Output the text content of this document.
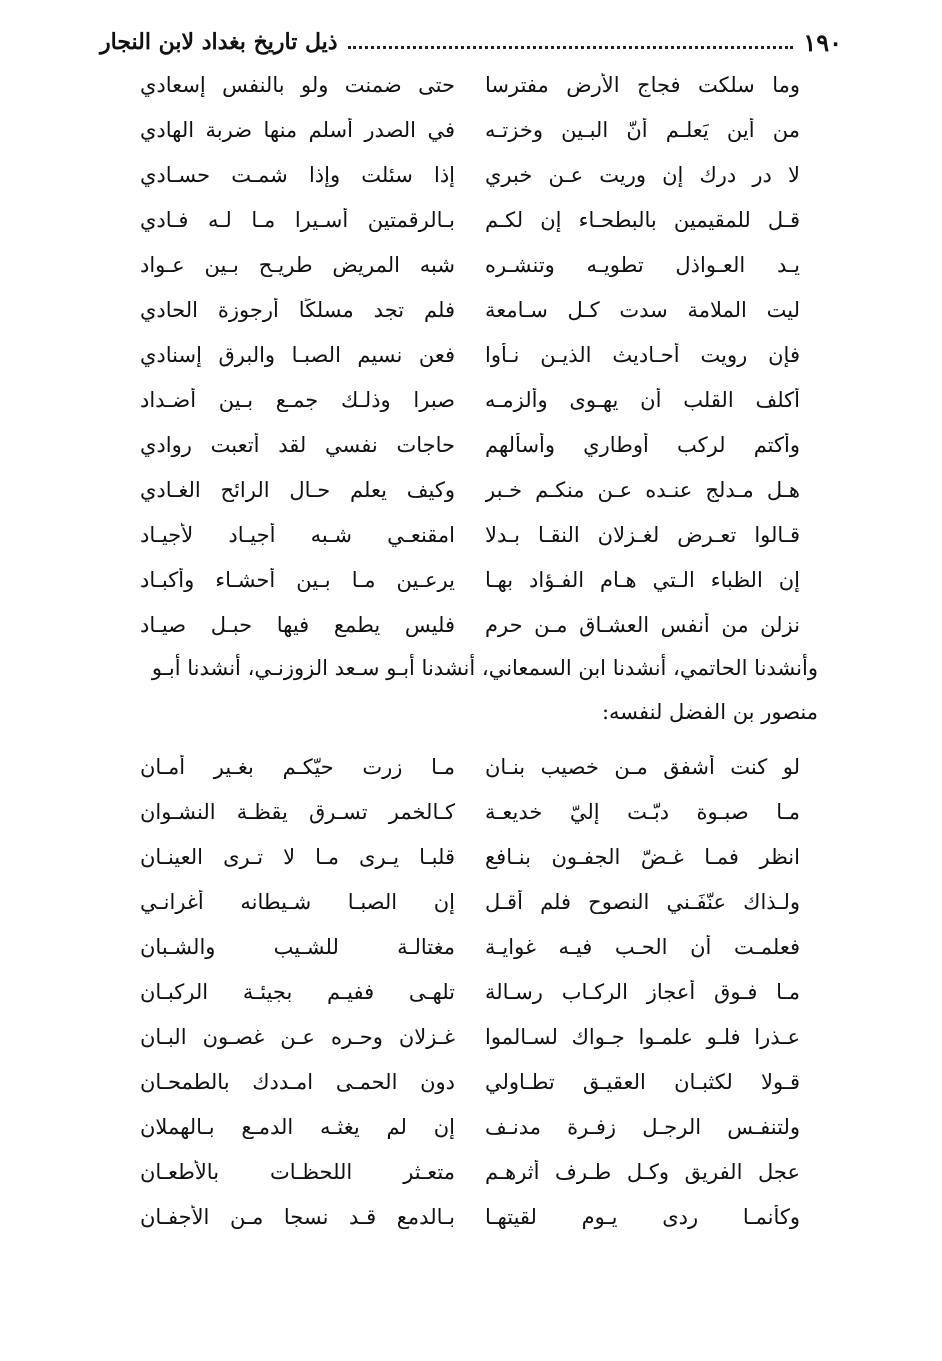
١٩٠
ذيل تاريخ بغداد لابن النجار
وما سلكت فجاج الأرض مفترسا
حتى ضمنت ولو بالنفس إسعادي
من أين يَعلـم أنّ البـين وخزتـه
في الصدر أسلم منها ضربة الهادي
لا در درك إن وريت عـن خبري
إذا سئلت وإذا شمـت حسـادي
قـل للمقيمين بالبطحـاء إن لكـم
بـالرقمتين أسـيرا مـا لـه فـادي
يـد العـواذل تطويـه وتنشـره
شبه المريض طريـح بـين عـواد
ليت الملامة سدت كـل سـامعة
فلم تجد مسلكًا أرجوزة الحادي
فإن رويت أحـاديث الذيـن نـأوا
فعن نسيم الصبـا والبرق إسنادي
أكلف القلب أن يهـوى وألزمـه
صبرا وذلـك جمـع بـين أضـداد
وأكتم لركب أوطاري وأسألهم
حاجات نفسي لقد أتعبت روادي
هـل مـدلج عنـده عـن منكـم خـبر
وكيف يعلم حـال الرائح الغـادي
قـالوا تعـرض لغـزلان النقـا بـدلا
امقنعـي شـبه أجيـاد لأجيـاد
إن الظباء الـتي هـام الفـؤاد بهـا
يرعـين مـا بـين أحشـاء وأكبـاد
نزلن من أنفس العشـاق مـن حرم
فليس يطمع فيها حبـل صيـاد
وأنشدنا الحاتمي، أنشدنا ابن السمعاني، أنشدنا أبـو سـعد الزوزنـي، أنشدنا أبـو
منصور بن الفضل لنفسه:
لو كنت أشفق مـن خصيب بنـان
مـا زرت حيّكـم بغـير أمـان
مـا صبـوة دبّـت إليّ خديعـة
كـالخمر تسـرق يقظـة النشـوان
انظر فمـا غـضّ الجفـون بنـافع
قلبـا يـرى مـا لا تـرى العينـان
ولـذاك عنّفَـني النصوح فلم أقـل
إن الصبـا شـيطانه أغرانـي
فعلمـت أن الحـب فيـه غوايـة
مغتالـة للشـيب والشـبان
مـا فـوق أعجاز الركـاب رسـالة
تلهـى ففيـم بجيئـة الركبـان
عـذرا فلـو علمـوا جـواك لسـالموا
غـزلان وحـره عـن غصـون البـان
قـولا لكثبـان العقيـق تطـاولي
دون الحمـى امـددك بالطمحـان
ولتنفـس الرجـل زفـرة مدنـف
إن لم يغثـه الدمـع بـالهملان
عجل الفريق وكـل طـرف أثرهـم
متعـثر اللحظـات بالأطعـان
وكأنمـا ردى يـوم لقيتهـا
بـالدمع قـد نسجا مـن الأجفـان
